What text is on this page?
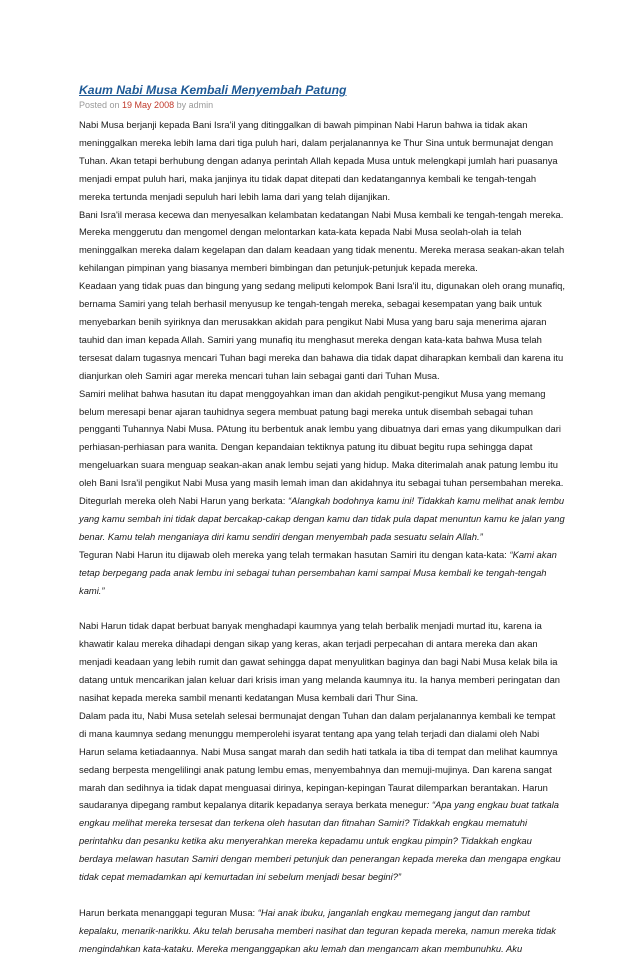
Kaum Nabi Musa Kembali Menyembah Patung
Posted on 19 May 2008 by admin

Nabi Musa berjanji kepada Bani Isra'il yang ditinggalkan di bawah pimpinan Nabi Harun bahwa ia tidak akan meninggalkan mereka lebih lama dari tiga puluh hari, dalam perjalanannya ke Thur Sina untuk bermunajat dengan Tuhan. Akan tetapi berhubung dengan adanya perintah Allah kepada Musa untuk melengkapi jumlah hari puasanya menjadi empat puluh hari, maka janjinya itu tidak dapat ditepati dan kedatangannya kembali ke tengah-tengah mereka tertunda menjadi sepuluh hari lebih lama dari yang telah dijanjikan.

Bani Isra'il merasa kecewa dan menyesalkan kelambatan kedatangan Nabi Musa kembali ke tengah-tengah mereka. Mereka menggerutu dan mengomel dengan melontarkan kata-kata kepada Nabi Musa seolah-olah ia telah meninggalkan mereka dalam kegelapan dan dalam keadaan yang tidak menentu. Mereka merasa seakan-akan telah kehilangan pimpinan yang biasanya memberi bimbingan dan petunjuk-petunjuk kepada mereka.

Keadaan yang tidak puas dan bingung yang sedang meliputi kelompok Bani Isra'il itu, digunakan oleh orang munafiq, bernama Samiri yang telah berhasil menyusup ke tengah-tengah mereka, sebagai kesempatan yang baik untuk menyebarkan benih syiriknya dan merusakkan akidah para pengikut Nabi Musa yang baru saja menerima ajaran tauhid dan iman kepada Allah. Samiri yang munafiq itu menghasut mereka dengan kata-kata bahwa Musa telah tersesat dalam tugasnya mencari Tuhan bagi mereka dan bahawa dia tidak dapat diharapkan kembali dan karena itu dianjurkan oleh Samiri agar mereka mencari tuhan lain sebagai ganti dari Tuhan Musa.

Samiri melihat bahwa hasutan itu dapat menggoyahkan iman dan akidah pengikut-pengikut Musa yang memang belum meresapi benar ajaran tauhidnya segera membuat patung bagi mereka untuk disembah sebagai tuhan pengganti Tuhannya Nabi Musa. PAtung itu berbentuk anak lembu yang dibuatnya dari emas yang dikumpulkan dari perhiasan-perhiasan para wanita. Dengan kepandaian tektiknya patung itu dibuat begitu rupa sehingga dapat mengeluarkan suara menguap seakan-akan anak lembu sejati yang hidup. Maka diterimalah anak patung lembu itu oleh Bani Isra'il pengikut Nabi Musa yang masih lemah iman dan akidahnya itu sebagai tuhan persembahan mereka.

Ditegurlah mereka oleh Nabi Harun yang berkata: “Alangkah bodohnya kamu ini! Tidakkah kamu melihat anak lembu yang kamu sembah ini tidak dapat bercakap-cakap dengan kamu dan tidak pula dapat menuntun kamu ke jalan yang benar. Kamu telah menganiaya diri kamu sendiri dengan menyembah pada sesuatu selain Allah.”

Teguran Nabi Harun itu dijawab oleh mereka yang telah termakan hasutan Samiri itu dengan kata-kata: “Kami akan tetap berpegang pada anak lembu ini sebagai tuhan persembahan kami sampai Musa kembali ke tengah-tengah kami.”

Nabi Harun tidak dapat berbuat banyak menghadapi kaumnya yang telah berbalik menjadi murtad itu, karena ia khawatir kalau mereka dihadapi dengan sikap yang keras, akan terjadi perpecahan di antara mereka dan akan menjadi keadaan yang lebih rumit dan gawat sehingga dapat menyulitkan baginya dan bagi Nabi Musa kelak bila ia datang untuk mencarikan jalan keluar dari krisis iman yang melanda kaumnya itu. Ia hanya memberi peringatan dan nasihat kepada mereka sambil menanti kedatangan Musa kembali dari Thur Sina.

Dalam pada itu, Nabi Musa setelah selesai bermunajat dengan Tuhan dan dalam perjalanannya kembali ke tempat di mana kaumnya sedang menunggu memperolehi isyarat tentang apa yang telah terjadi dan dialami oleh Nabi Harun selama ketiadaannya. Nabi Musa sangat marah dan sedih hati tatkala ia tiba di tempat dan melihat kaumnya sedang berpesta mengelilingi anak patung lembu emas, menyembahnya dan memuji-mujinya. Dan karena sangat marah dan sedihnya ia tidak dapat menguasai dirinya, kepingan-kepingan Taurat dilemparkan berantakan. Harun saudaranya dipegang rambut kepalanya ditarik kepadanya seraya berkata menegur: “Apa yang engkau buat tatkala engkau melihat mereka tersesat dan terkena oleh hasutan dan fitnahan Samiri? Tidakkah engkau mematuhi perintahku dan pesanku ketika aku menyerahkan mereka kepadamu untuk engkau pimpin? Tidakkah engkau berdaya melawan hasutan Samiri dengan memberi petunjuk dan penerangan kepada mereka dan mengapa engkau tidak cepat memadamkan api kemurtadan ini sebelum menjadi besar begini?”

Harun berkata menanggapi teguran Musa: “Hai anak ibuku, janganlah engkau memegang jangut dan rambut kepalaku, menarik-narikku. Aku telah berusaha memberi nasihat dan teguran kepada mereka, namun mereka tidak mengindahkan kata-kataku. Mereka menganggapkan aku lemah dan mengancam akan membunuhku. Aku
